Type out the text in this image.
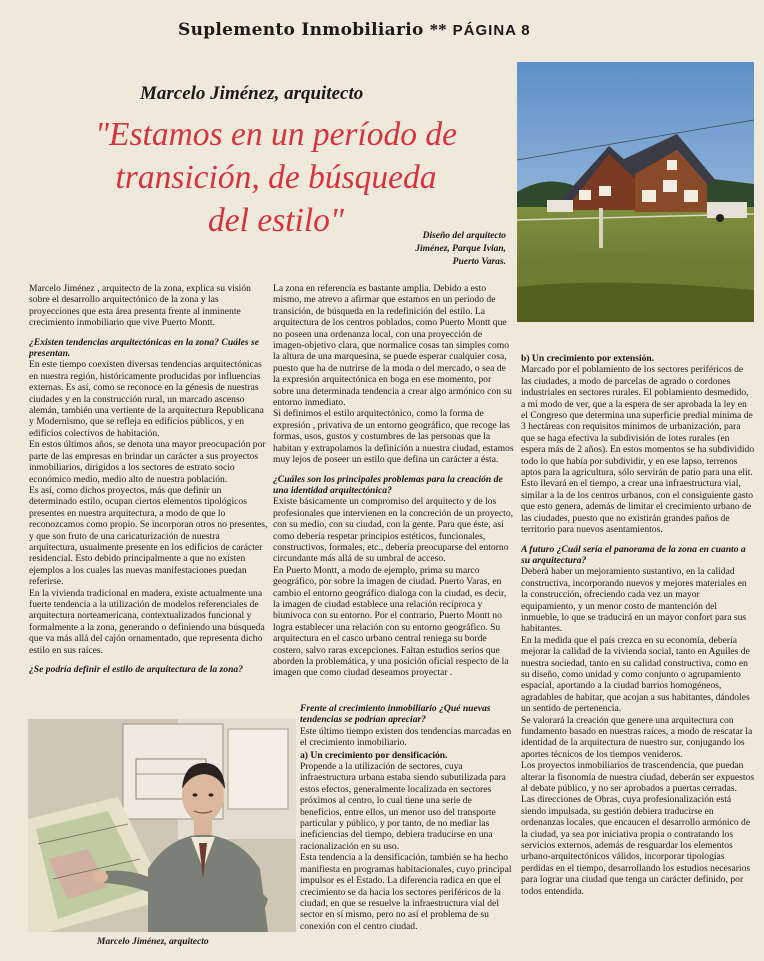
Suplemento Inmobiliario ** PÁGINA 8
Marcelo Jiménez, arquitecto
"Estamos en un período de
transición, de búsqueda
del estilo"	Diseño del arquitecto
Jiménez, Parque Ivian,
Puerto Varas.

Marcelo Jiménez , arquitecto de la zona, explica su visión sobre el desarrollo arquitectónico de la zona y las proyecciones que esta área presenta frente al inminente crecimiento inmobiliario que vive Puerto Montt.

¿Existen tendencias arquitectónicas en la zona? Cuáles se presentan.

En este tiempo coexisten diversas tendencias arquitectónicas en nuestra región, históricamente producidas por influencias externas. Es así, como se reconoce en la génesis de nuestras ciudades y en la construcción rural, un marcado ascenso alemán, también una vertiente de la arquitectura Republicana y Modernismo, que se refleja en edificios públicos, y en edificios colectivos de habitación.

En estos últimos años, se denota una mayor preocupación por parte de las empresas en brindar un carácter a sus proyectos inmobiliarios, dirigidos a los sectores de estrato socio económico medio, medio alto de nuestra población.

Es así, como dichos proyectos, más que definir un determinado estilo, ocupan ciertos elementos tipológicos presentes en nuestra arquitectura, a modo de que lo reconozcamos como propio. Se incorporan otros no presentes, y que son fruto de una caricaturización de nuestra arquitectura, usualmente presente en los edificios de carácter residencial. Esto debido principalmente a que no existen ejemplos a los cuales las nuevas manifestaciones puedan referirse.

En la vivienda tradicional en madera, existe actualmente una fuerte tendencia a la utilización de modelos referenciales de arquitectura norteamericana, contextualizados funcional y formalmente a la zona, generando o definiendo una búsqueda que va más allá del cajón ornamentado, que representa dicho estilo en sus raíces.

¿Se podría definir el estilo de arquitectura de la zona?

La zona en referencia es bastante amplia. Debido a esto mismo, me atrevo a afirmar que estamos en un período de transición, de búsqueda en la redefinición del estilo. La arquitectura de los centros poblados, como Puerto Montt que no poseen una ordenanza local, con una proyección de imagen-objetivo clara, que normalice cosas tan simples como la altura de una marquesina, se puede esperar cualquier cosa, puesto que ha de nutrirse de la moda o del mercado, o sea de la expresión arquitectónica en boga en ese momento, por sobre una determinada tendencia a crear algo armónico con su entorno inmediato.

Si definimos el estilo arquitectónico, como la forma de expresión , privativa de un entorno geográfico, que recoge las formas, usos, gustos y costumbres de las personas que la habitan y extrapolamos la definición a nuestra ciudad, estamos muy lejos de poseer un estilo que defina un carácter a ésta.

¿Cuáles son los principales problemas para la creación de una identidad arquitectónica?

Existe básicamente un compromiso del arquitecto y de los profesionales que intervienen en la concreción de un proyecto, con su medio, con su ciudad, con la gente. Para que éste, así como debería respetar principios estéticos, funcionales, constructivos, formales, etc., debería preocuparse del entorno circundante más allá de su umbral de acceso.

En Puerto Montt, a modo de ejemplo, prima su marco geográfico, por sobre la imagen de ciudad. Puerto Varas, en cambio el entorno geográfico dialoga con la ciudad, es decir, la imagen de ciudad establece una relación recíproca y biunívoca con su entorno. Por el contrario, Puerto Montt no logra establecer una relación con su entorno geográfico. Su arquitectura en el casco urbano central reniega su borde costero, salvo raras excepciones. Faltan estudios serios que aborden la problemática, y una posición oficial respecto de la imagen que como ciudad deseamos proyectar .

Frente al crecimiento inmobiliario ¿Qué nuevas tendencias se podrían apreciar?

Este último tiempo existen dos tendencias marcadas en el crecimiento inmobiliario.

a) Un crecimiento por densificación.

Propende a la utilización de sectores, cuya infraestructura urbana estaba siendo subutilizada para estos efectos, generalmente localizada en sectores próximos al centro, lo cual tiene una serie de beneficios, entre ellos, un menor uso del transporte particular y público, y por tanto, de no mediar las ineficiencias del tiempo, debiera traducirse en una racionalización en su uso.

Esta tendencia a la densificación, también se ha hecho manifiesta en programas habitacionales, cuyo principal impulsor es el Estado. La diferencia radica en que el crecimiento se da hacia los sectores periféricos de la ciudad, en que se resuelve la infraestructura vial del sector en sí mismo, pero no así el problema de su conexión con el centro ciudad.

b) Un crecimiento por extensión.

Marcado por el poblamiento de los sectores periféricos de las ciudades, a modo de parcelas de agrado o cordones industriales en sectores rurales. El poblamiento desmedido, a mi modo de ver, que a la espera de ser aprobada la ley en el Congreso que determina una superficie predial mínima de 3 hectáreas con requisitos mínimos de urbanización, para que se haga efectiva la subdivisión de lotes rurales (en espera más de 2 años). En estos momentos se ha subdividido todo lo que había por subdividir, y en ese lapso, terrenos aptos para la agricultura, sólo servirán de patio para una elit.

Esto llevará en el tiempo, a crear una infraestructura vial, similar a la de los centros urbanos, con el consiguiente gasto que esto genera, además de limitar el crecimiento urbano de las ciudades, puesto que no existirán grandes paños de territorio para nuevos asentamientos.

A futuro ¿Cuál sería el panorama de la zona en cuanto a su arquitectura?

Deberá haber un mejoramiento sustantivo, en la calidad constructiva, incorporando nuevos y mejores materiales en la construcción, ofreciendo cada vez un mayor equipamiento, y un menor costo de mantención del inmueble, lo que se traducirá en un mayor confort para sus habitantes.

En la medida que el país crezca en su economía, debería mejorar la calidad de la vivienda social, tanto en Aguiles de nuestra sociedad, tanto en su calidad constructiva, como en su diseño, como unidad y como conjunto o agrupamiento espacial, aportando a la ciudad barrios homogéneos, agradables de habitar, que acojan a sus habitantes, dándoles un sentido de pertenencia.

Se valorará la creación que genere una arquitectura con fundamento basado en nuestras raíces, a modo de rescatar la identidad de la arquitectura de nuestro sur, conjugando los aportes técnicos de los tiempos venideros.

Los proyectos inmobiliarios de trascendencia, que puedan alterar la fisonomía de nuestra ciudad, deberán ser expuestos al debate público, y no ser aprobados a puertas cerradas.

Las direcciones de Obras, cuya profesionalización está siendo impulsada, su gestión debiera traducirse en ordenanzas locales, que encaucen el desarrollo armónico de la ciudad, ya sea por iniciativa propia o contratando los servicios externos, además de resguardar los elementos urbano-arquitectónicos válidos, incorporar tipologías perdidas en el tiempo, desarrollando los estudios necesarios para lograr una ciudad que tenga un carácter definido, por todos entendida.

Marcelo Jiménez, arquitecto
